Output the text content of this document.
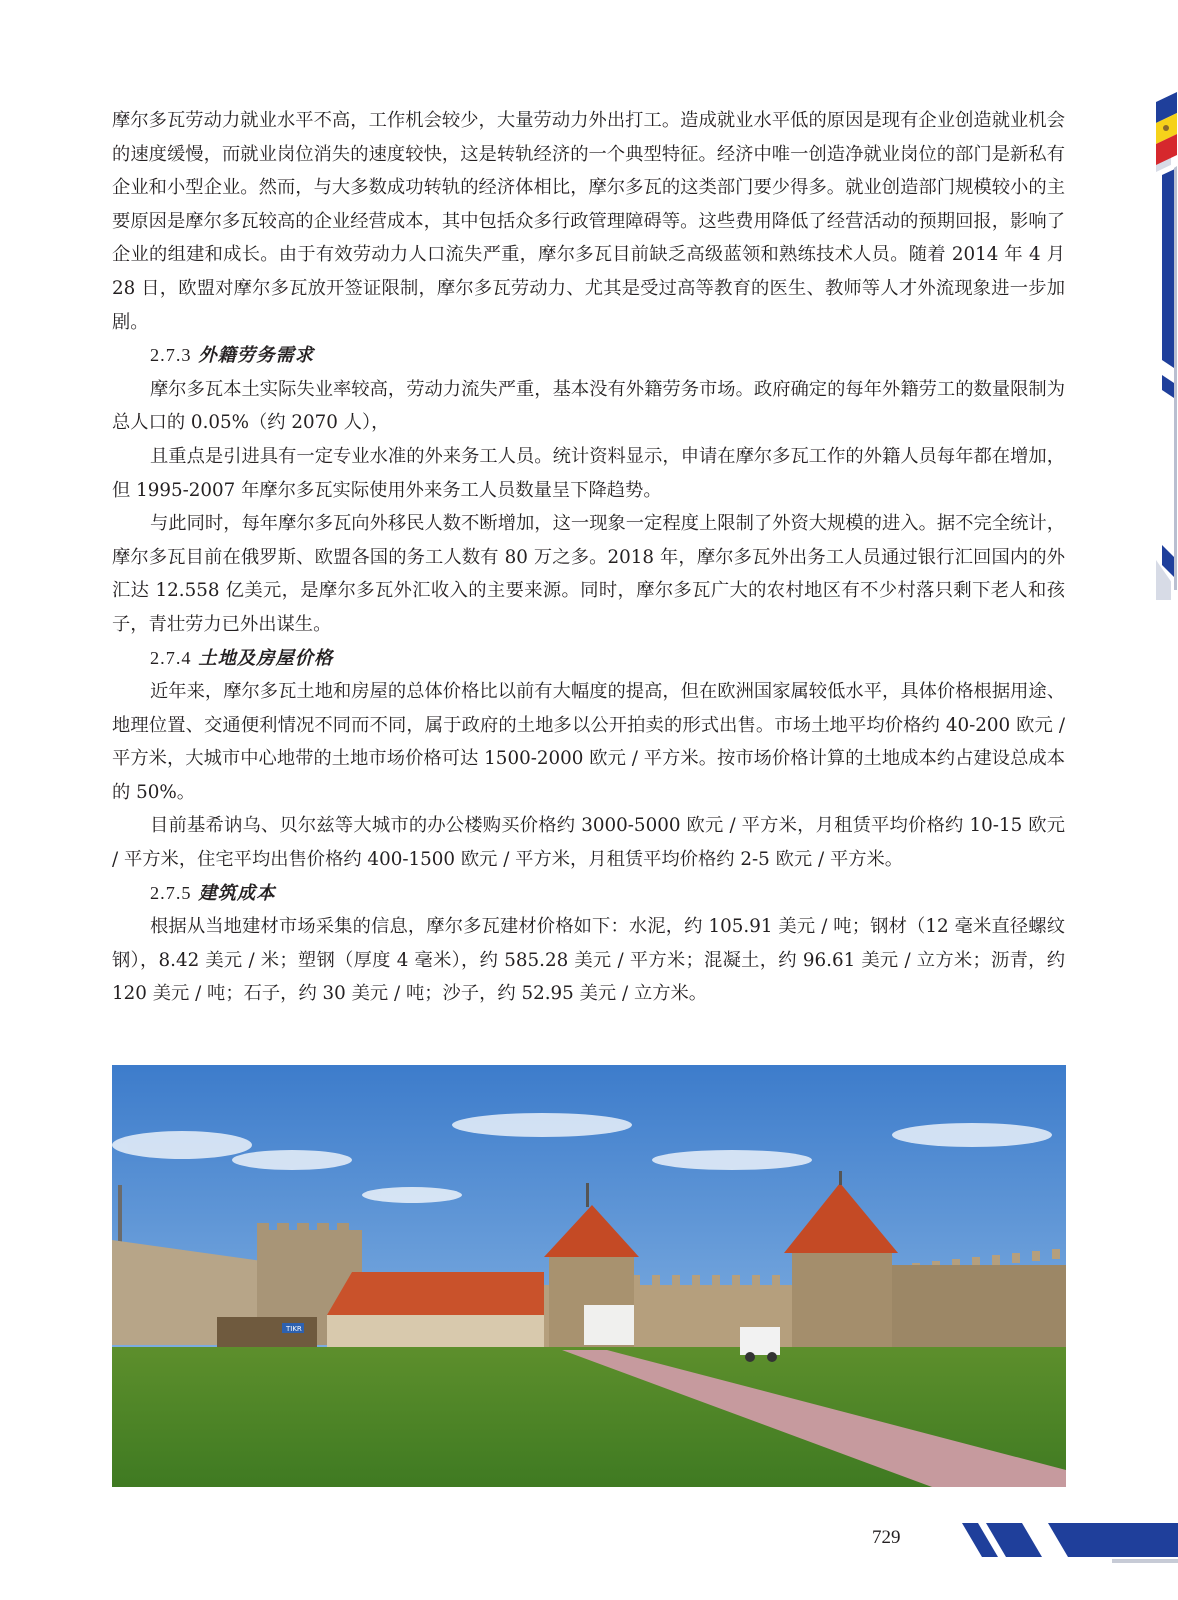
摩尔多瓦劳动力就业水平不高，工作机会较少，大量劳动力外出打工。造成就业水平低的原因是现有企业创造就业机会的速度缓慢，而就业岗位消失的速度较快，这是转轨经济的一个典型特征。经济中唯一创造净就业岗位的部门是新私有企业和小型企业。然而，与大多数成功转轨的经济体相比，摩尔多瓦的这类部门要少得多。就业创造部门规模较小的主要原因是摩尔多瓦较高的企业经营成本，其中包括众多行政管理障碍等。这些费用降低了经营活动的预期回报，影响了企业的组建和成长。由于有效劳动力人口流失严重，摩尔多瓦目前缺乏高级蓝领和熟练技术人员。随着 2014 年 4 月 28 日，欧盟对摩尔多瓦放开签证限制，摩尔多瓦劳动力、尤其是受过高等教育的医生、教师等人才外流现象进一步加剧。

2.7.3 外籍劳务需求

摩尔多瓦本土实际失业率较高，劳动力流失严重，基本没有外籍劳务市场。政府确定的每年外籍劳工的数量限制为总人口的 0.05%（约 2070 人），

且重点是引进具有一定专业水准的外来务工人员。统计资料显示，申请在摩尔多瓦工作的外籍人员每年都在增加，但 1995-2007 年摩尔多瓦实际使用外来务工人员数量呈下降趋势。

与此同时，每年摩尔多瓦向外移民人数不断增加，这一现象一定程度上限制了外资大规模的进入。据不完全统计，摩尔多瓦目前在俄罗斯、欧盟各国的务工人数有 80 万之多。2018 年，摩尔多瓦外出务工人员通过银行汇回国内的外汇达 12.558 亿美元，是摩尔多瓦外汇收入的主要来源。同时，摩尔多瓦广大的农村地区有不少村落只剩下老人和孩子，青壮劳力已外出谋生。

2.7.4 土地及房屋价格

近年来，摩尔多瓦土地和房屋的总体价格比以前有大幅度的提高，但在欧洲国家属较低水平，具体价格根据用途、地理位置、交通便利情况不同而不同，属于政府的土地多以公开拍卖的形式出售。市场土地平均价格约 40-200 欧元 / 平方米，大城市中心地带的土地市场价格可达 1500-2000 欧元 / 平方米。按市场价格计算的土地成本约占建设总成本的 50%。

目前基希讷乌、贝尔兹等大城市的办公楼购买价格约 3000-5000 欧元 / 平方米，月租赁平均价格约 10-15 欧元 / 平方米，住宅平均出售价格约 400-1500 欧元 / 平方米，月租赁平均价格约 2-5 欧元 / 平方米。

2.7.5 建筑成本

根据从当地建材市场采集的信息，摩尔多瓦建材价格如下：水泥，约 105.91 美元 / 吨；钢材（12 毫米直径螺纹钢），8.42 美元 / 米；塑钢（厚度 4 毫米），约 585.28 美元 / 平方米；混凝土，约 96.61 美元 / 立方米；沥青，约 120 美元 / 吨；石子，约 30 美元 / 吨；沙子，约 52.95 美元 / 立方米。

TIKR
729
